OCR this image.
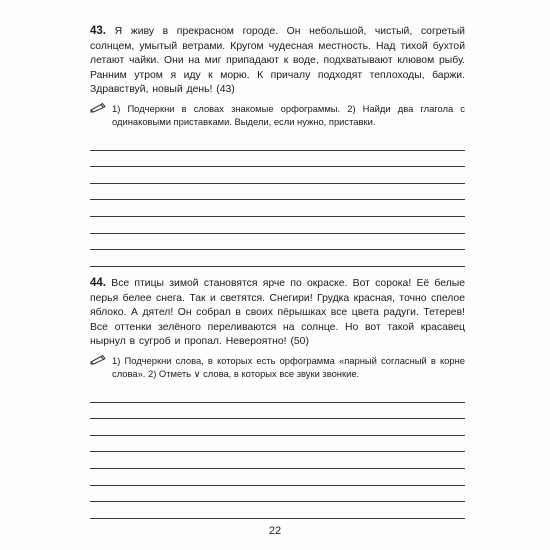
43. Я живу в прекрасном городе. Он небольшой, чистый, согретый солнцем, умытый ветрами. Кругом чудесная местность. Над тихой бухтой летают чайки. Они на миг припадают к воде, подхватывают клювом рыбу. Ранним утром я иду к морю. К причалу подходят теплоходы, баржи. Здравствуй, новый день! (43)

1) Подчеркни в словах знакомые орфограммы. 2) Найди два глагола с одинаковыми приставками. Выдели, если нужно, приставки.

44. Все птицы зимой становятся ярче по окраске. Вот сорока! Её белые перья белее снега. Так и светятся. Снегири! Грудка красная, точно спелое яблоко. А дятел! Он собрал в своих пёрышках все цвета радуги. Тетерев! Все оттенки зелёного переливаются на солнце. Но вот такой красавец нырнул в сугроб и пропал. Невероятно! (50)

1) Подчеркни слова, в которых есть орфограмма «парный согласный в корне слова». 2) Отметь ∨ слова, в которых все звуки звонкие.
22
